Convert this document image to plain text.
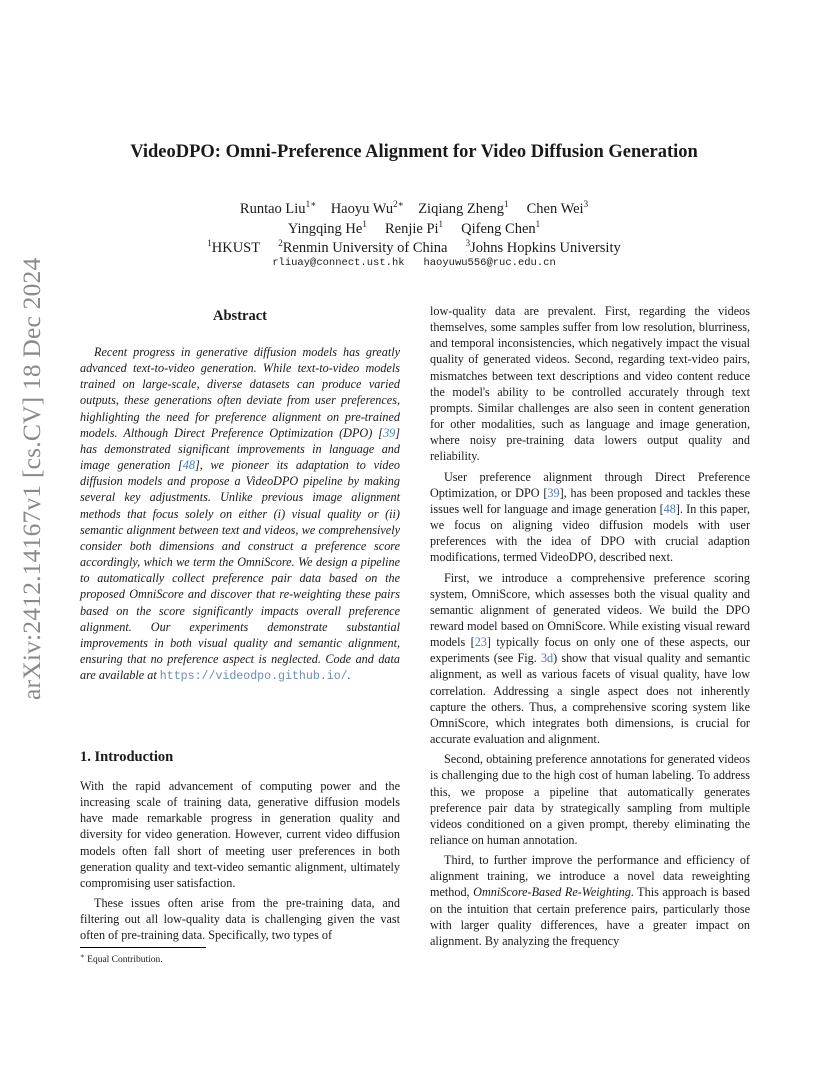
arXiv:2412.14167v1 [cs.CV] 18 Dec 2024
VideoDPO: Omni-Preference Alignment for Video Diffusion Generation
Runtao Liu$^{1∗}$ Haoyu $Wu^{2∗}$ Ziqiang Zheng$^1$ Chen Wei$^3$
Yingqing He$^1$ Renjie Pi$^1$ Qifeng Chen$^1$
$^1$HKUST $^2$Renmin University of China $^3$Johns Hopkins University
rliuay@connect.ust.hk   haoyuwu556@ruc.edu.cn
Abstract

Recent progress in generative diffusion models has greatly advanced text-to-video generation. While text-to-video models trained on large-scale, diverse datasets can produce varied outputs, these generations often deviate from user preferences, highlighting the need for preference alignment on pre-trained models. Although Direct Preference Optimization (DPO) [39] has demonstrated significant improvements in language and image generation [48], we pioneer its adaptation to video diffusion models and propose a VideoDPO pipeline by making several key adjustments. Unlike previous image alignment methods that focus solely on either (i) visual quality or (ii) semantic alignment between text and videos, we comprehensively consider both dimensions and construct a preference score accordingly, which we term the OmniScore. We design a pipeline to automatically collect preference pair data based on the proposed OmniScore and discover that re-weighting these pairs based on the score significantly impacts overall preference alignment. Our experiments demonstrate substantial improvements in both visual quality and semantic alignment, ensuring that no preference aspect is neglected. Code and data are available at https://videodpo.github.io/.

1. Introduction

With the rapid advancement of computing power and the increasing scale of training data, generative diffusion models have made remarkable progress in generation quality and diversity for video generation. However, current video diffusion models often fall short of meeting user preferences in both generation quality and text-video semantic alignment, ultimately compromising user satisfaction.

These issues often arise from the pre-training data, and filtering out all low-quality data is challenging given the vast often of pre-training data. Specifically, two types of

low-quality data are prevalent. First, regarding the videos themselves, some samples suffer from low resolution, blurriness, and temporal inconsistencies, which negatively impact the visual quality of generated videos. Second, regarding text-video pairs, mismatches between text descriptions and video content reduce the model's ability to be controlled accurately through text prompts. Similar challenges are also seen in content generation for other modalities, such as language and image generation, where noisy pre-training data lowers output quality and reliability.

User preference alignment through Direct Preference Optimization, or DPO [39], has been proposed and tackles these issues well for language and image generation [48]. In this paper, we focus on aligning video diffusion models with user preferences with the idea of DPO with crucial adaption modifications, termed VideoDPO, described next.

First, we introduce a comprehensive preference scoring system, OmniScore, which assesses both the visual quality and semantic alignment of generated videos. We build the DPO reward model based on OmniScore. While existing visual reward models [23] typically focus on only one of these aspects, our experiments (see Fig. 3d) show that visual quality and semantic alignment, as well as various facets of visual quality, have low correlation. Addressing a single aspect does not inherently capture the others. Thus, a comprehensive scoring system like OmniScore, which integrates both dimensions, is crucial for accurate evaluation and alignment.

Second, obtaining preference annotations for generated videos is challenging due to the high cost of human labeling. To address this, we propose a pipeline that automatically generates preference pair data by strategically sampling from multiple videos conditioned on a given prompt, thereby eliminating the reliance on human annotation.

Third, to further improve the performance and efficiency of alignment training, we introduce a novel data reweighting method, OmniScore-Based Re-Weighting. This approach is based on the intuition that certain preference pairs, particularly those with larger quality differences, have a greater impact on alignment. By analyzing the frequency

∗ Equal Contribution.
